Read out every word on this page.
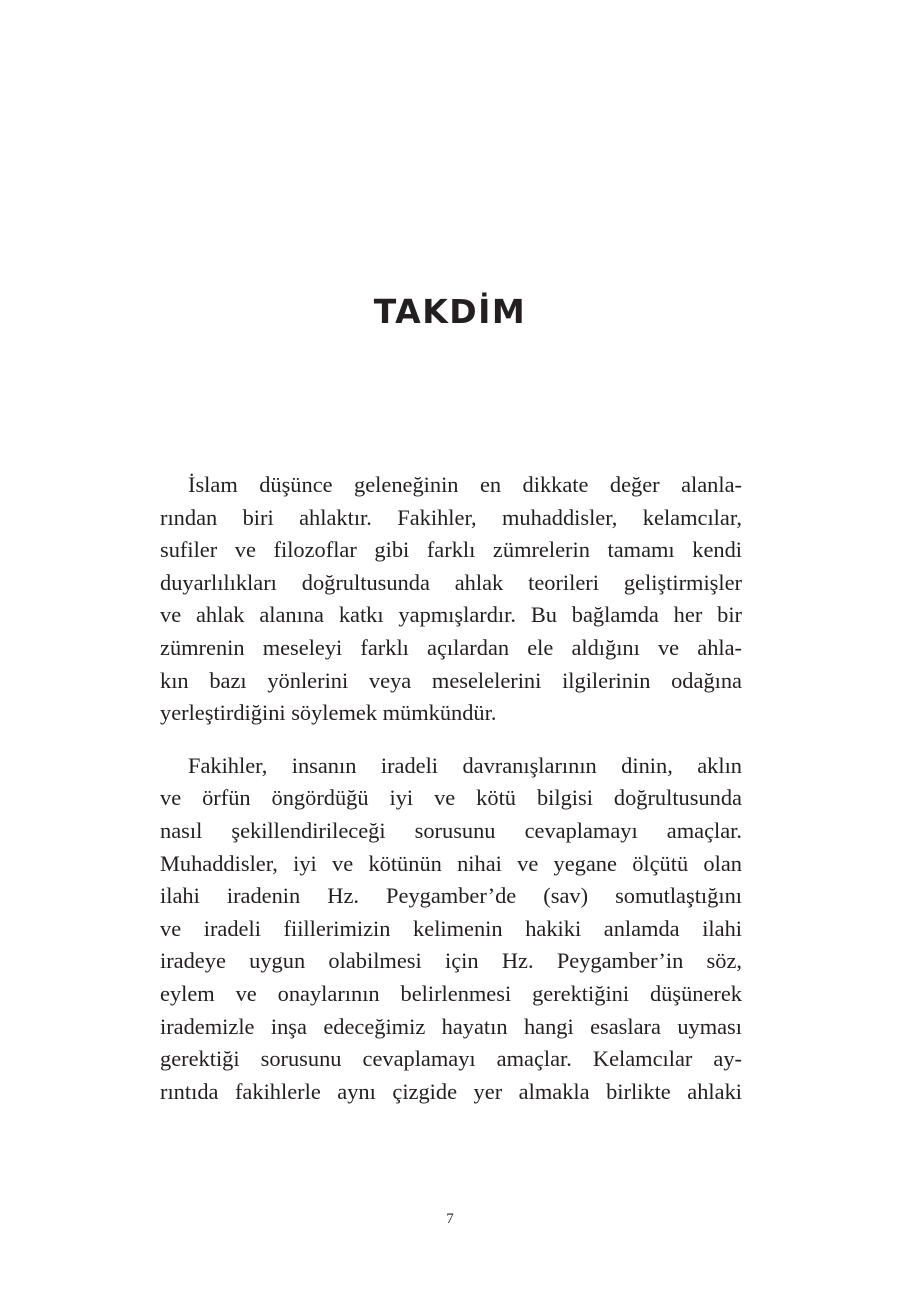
TAKDİM

İslam düşünce geleneğinin en dikkate değer alanla-
rından biri ahlaktır. Fakihler, muhaddisler, kelamcılar,
sufiler ve filozoflar gibi farklı zümrelerin tamamı kendi
duyarlılıkları doğrultusunda ahlak teorileri geliştirmişler
ve ahlak alanına katkı yapmışlardır. Bu bağlamda her bir
zümrenin meseleyi farklı açılardan ele aldığını ve ahla-
kın bazı yönlerini veya meselelerini ilgilerinin odağına
yerleştirdiğini söylemek mümkündür.

Fakihler, insanın iradeli davranışlarının dinin, aklın
ve örfün öngördüğü iyi ve kötü bilgisi doğrultusunda
nasıl şekillendirileceği sorusunu cevaplamayı amaçlar.
Muhaddisler, iyi ve kötünün nihai ve yegane ölçütü olan
ilahi iradenin Hz. Peygamber’de (sav) somutlaştığını
ve iradeli fiillerimizin kelimenin hakiki anlamda ilahi
iradeye uygun olabilmesi için Hz. Peygamber’in söz,
eylem ve onaylarının belirlenmesi gerektiğini düşünerek
irademizle inşa edeceğimiz hayatın hangi esaslara uyması
gerektiği sorusunu cevaplamayı amaçlar. Kelamcılar ay-
rıntıda fakihlerle aynı çizgide yer almakla birlikte ahlaki

7
